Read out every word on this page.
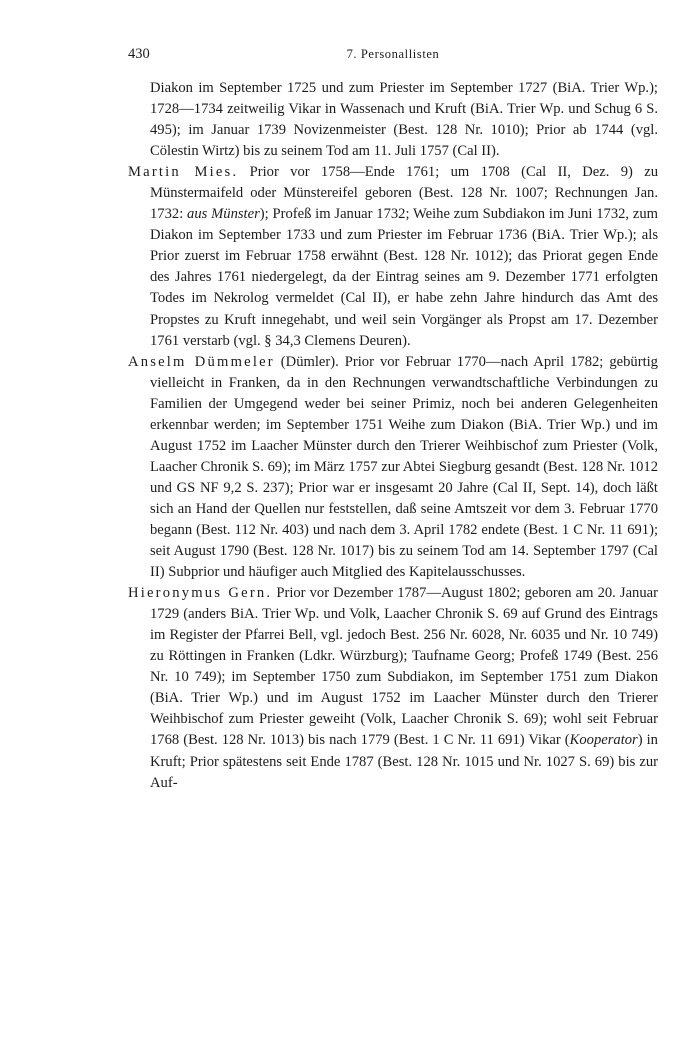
430	7. Personallisten

Diakon im September 1725 und zum Priester im September 1727 (BiA. Trier Wp.); 1728—1734 zeitweilig Vikar in Wassenach und Kruft (BiA. Trier Wp. und Schug 6 S. 495); im Januar 1739 Novizenmeister (Best. 128 Nr. 1010); Prior ab 1744 (vgl. Cölestin Wirtz) bis zu seinem Tod am 11. Juli 1757 (Cal II).

Martin Mies. Prior vor 1758—Ende 1761; um 1708 (Cal II, Dez. 9) zu Münstermaifeld oder Münstereifel geboren (Best. 128 Nr. 1007; Rechnungen Jan. 1732: aus Münster); Profeß im Januar 1732; Weihe zum Subdiakon im Juni 1732, zum Diakon im September 1733 und zum Priester im Februar 1736 (BiA. Trier Wp.); als Prior zuerst im Februar 1758 erwähnt (Best. 128 Nr. 1012); das Priorat gegen Ende des Jahres 1761 niedergelegt, da der Eintrag seines am 9. Dezember 1771 erfolgten Todes im Nekrolog vermeldet (Cal II), er habe zehn Jahre hindurch das Amt des Propstes zu Kruft innegehabt, und weil sein Vorgänger als Propst am 17. Dezember 1761 verstarb (vgl. § 34,3 Clemens Deuren).

Anselm Dümmeler (Dümler). Prior vor Februar 1770—nach April 1782; gebürtig vielleicht in Franken, da in den Rechnungen verwandtschaftliche Verbindungen zu Familien der Umgegend weder bei seiner Primiz, noch bei anderen Gelegenheiten erkennbar werden; im September 1751 Weihe zum Diakon (BiA. Trier Wp.) und im August 1752 im Laacher Münster durch den Trierer Weihbischof zum Priester (Volk, Laacher Chronik S. 69); im März 1757 zur Abtei Siegburg gesandt (Best. 128 Nr. 1012 und GS NF 9,2 S. 237); Prior war er insgesamt 20 Jahre (Cal II, Sept. 14), doch läßt sich an Hand der Quellen nur feststellen, daß seine Amtszeit vor dem 3. Februar 1770 begann (Best. 112 Nr. 403) und nach dem 3. April 1782 endete (Best. 1 C Nr. 11 691); seit August 1790 (Best. 128 Nr. 1017) bis zu seinem Tod am 14. September 1797 (Cal II) Subprior und häufiger auch Mitglied des Kapitelausschusses.

Hieronymus Gern. Prior vor Dezember 1787—August 1802; geboren am 20. Januar 1729 (anders BiA. Trier Wp. und Volk, Laacher Chronik S. 69 auf Grund des Eintrags im Register der Pfarrei Bell, vgl. jedoch Best. 256 Nr. 6028, Nr. 6035 und Nr. 10 749) zu Röttingen in Franken (Ldkr. Würzburg); Taufname Georg; Profeß 1749 (Best. 256 Nr. 10 749); im September 1750 zum Subdiakon, im September 1751 zum Diakon (BiA. Trier Wp.) und im August 1752 im Laacher Münster durch den Trierer Weihbischof zum Priester geweiht (Volk, Laacher Chronik S. 69); wohl seit Februar 1768 (Best. 128 Nr. 1013) bis nach 1779 (Best. 1 C Nr. 11 691) Vikar (Kooperator) in Kruft; Prior spätestens seit Ende 1787 (Best. 128 Nr. 1015 und Nr. 1027 S. 69) bis zur Auf-
